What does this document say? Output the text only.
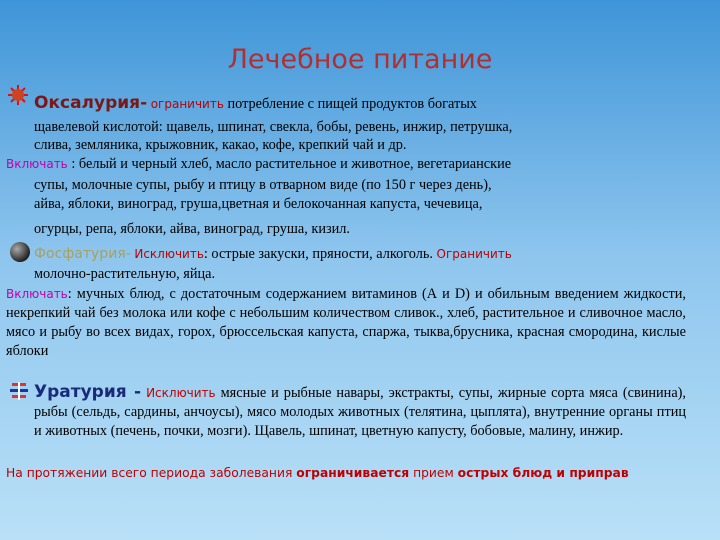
Лечебное питание
Оксалурия- ограничить потребление с пищей продуктов богатых
щавелевой кислотой: щавель, шпинат, свекла, бобы, ревень, инжир, петрушка,
слива, земляника, крыжовник, какао, кофе, крепкий чай и др.
Включать : белый и черный хлеб, масло растительное и животное, вегетарианские
супы, молочные супы, рыбу и птицу в отварном виде (по 150 г через день),
айва, яблоки, виноград, груша,цветная и белокочанная капуста, чечевица,
огурцы, репа, яблоки, айва, виноград, груша, кизил.
Фосфатурия- Исключить: острые закуски, пряности, алкоголь. Ограничить
молочно-растительную, яйца.
Включать: мучных блюд, с достаточным содержанием витаминов (А и D) и обильным введением жидкости, некрепкий чай без молока или кофе с небольшим количеством сливок., хлеб, растительное и сливочное масло, мясо и рыбу во всех видах, горох, брюссельская капуста, спаржа, тыква,брусника, красная смородина, кислые яблоки
Уратурия - Исключить мясные и рыбные навары, экстракты, супы, жирные сорта мяса (свинина), рыбы (сельдь, сардины, анчоусы), мясо молодых животных (телятина, цыплята), внутренние органы птиц и животных (печень, почки, мозги). Щавель, шпинат, цветную капусту, бобовые, малину, инжир.
На протяжении всего периода заболевания ограничивается прием острых блюд и приправ
